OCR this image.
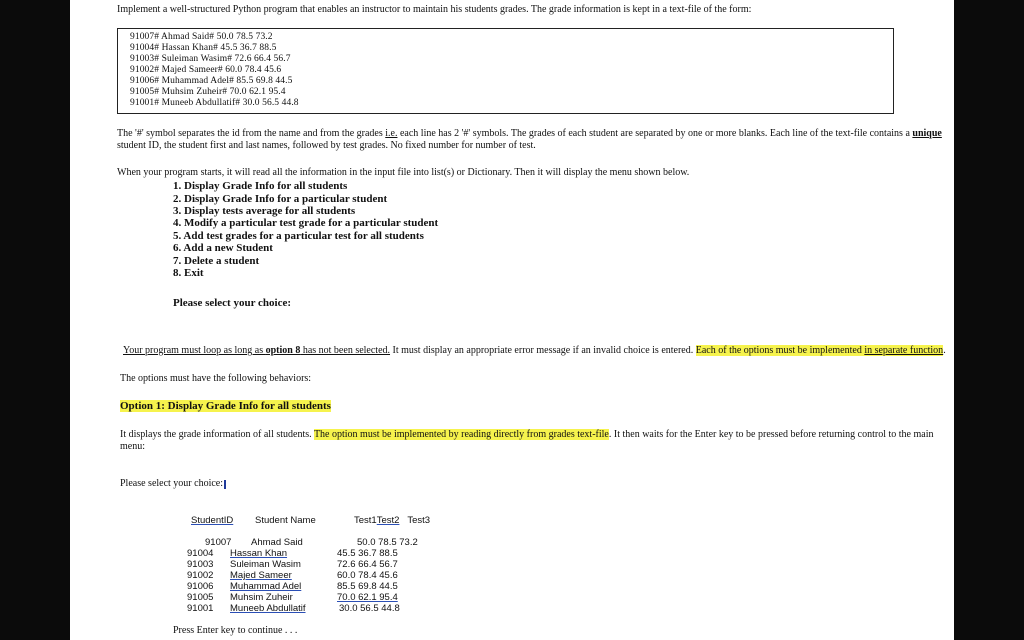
Implement a well-structured Python program that enables an instructor to maintain his students grades. The grade information is kept in a text-file of the form:
91007# Ahmad Said# 50.0 78.5 73.2
91004# Hassan Khan# 45.5 36.7 88.5
91003# Suleiman Wasim# 72.6 66.4 56.7
91002# Majed Sameer# 60.0 78.4 45.6
91006# Muhammad Adel# 85.5 69.8 44.5
91005# Muhsim Zuheir# 70.0 62.1 95.4
91001# Muneeb Abdullatif# 30.0 56.5 44.8
The '#' symbol separates the id from the name and from the grades i.e. each line has 2 '#' symbols. The grades of each student are separated by one or more blanks. Each line of the text-file contains a unique
student ID, the student first and last names, followed by test grades. No fixed number for number of test.
When your program starts, it will read all the information in the input file into list(s) or Dictionary. Then it will display the menu shown below.
1. Display Grade Info for all students
2. Display Grade Info for a particular student
3. Display tests average for all students
4. Modify a particular test grade for a particular student
5. Add test grades for a particular test for all students
6. Add a new Student
7. Delete a student
8. Exit
Please select your choice:
Your program must loop as long as option 8 has not been selected. It must display an appropriate error message if an invalid choice is entered. Each of the options must be implemented in separate function.
The options must have the following behaviors:
Option 1: Display Grade Info for all students
It displays the grade information of all students. The option must be implemented by reading directly from grades text-file. It then waits for the Enter key to be pressed before returning control to the main
menu:
Please select your choice:
StudentID Student Name	Test1Test2 Test3
91007 Ahmad Said	50.0 78.5 73.2
91004 Hassan Khan	45.5 36.7 88.5
91003 Suleiman Wasim	72.6 66.4 56.7
91002 Majed Sameer	60.0 78.4 45.6
91006 Muhammad Adel	85.5 69.8 44.5
91005 Muhsim Zuheir	70.0 62.1 95.4
91001 Muneeb Abdullatif	30.0 56.5 44.8
Press Enter key to continue . . .
